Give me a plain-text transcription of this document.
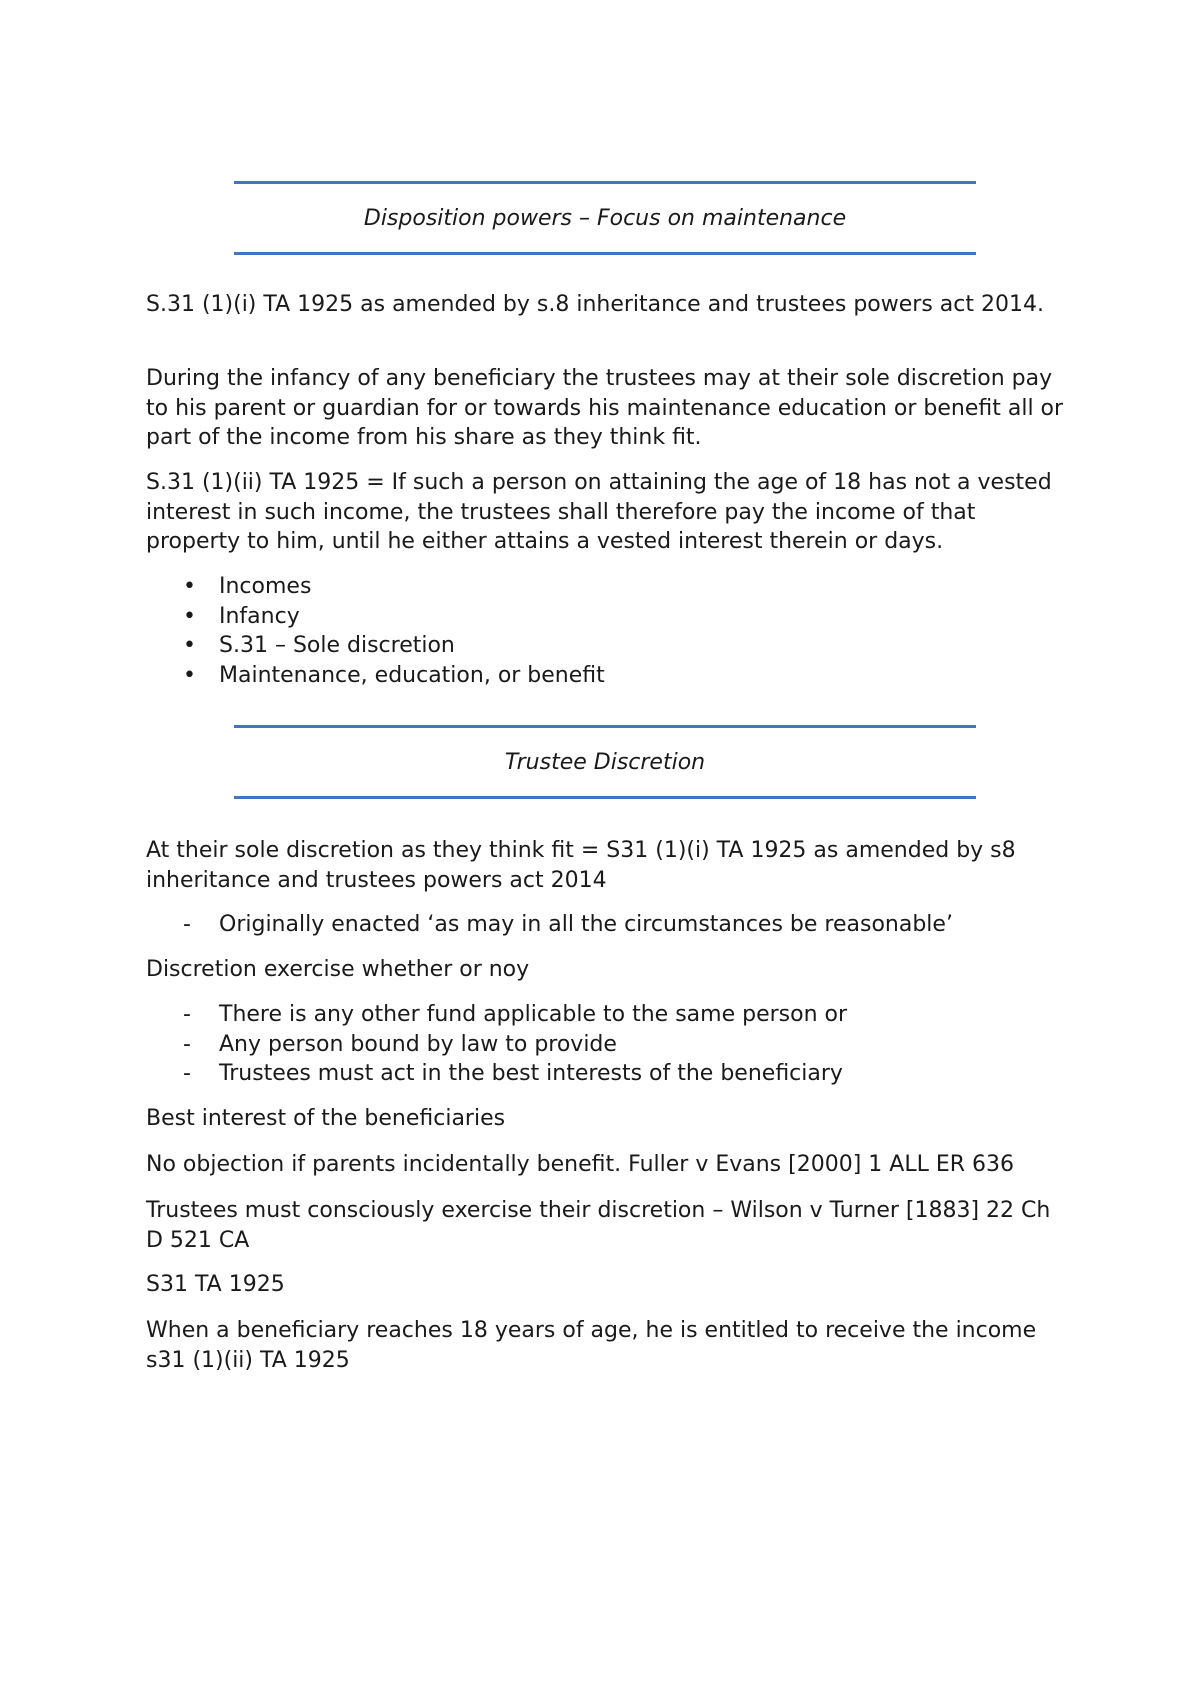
Disposition powers – Focus on maintenance

S.31 (1)(i) TA 1925 as amended by s.8 inheritance and trustees powers act 2014.

During the infancy of any beneficiary the trustees may at their sole discretion pay to his parent or guardian for or towards his maintenance education or benefit all or part of the income from his share as they think fit.

S.31 (1)(ii) TA 1925 = If such a person on attaining the age of 18 has not a vested interest in such income, the trustees shall therefore pay the income of that property to him, until he either attains a vested interest therein or days.

• Incomes
• Infancy
• S.31 – Sole discretion
• Maintenance, education, or benefit
Trustee Discretion

At their sole discretion as they think fit = S31 (1)(i) TA 1925 as amended by s8 inheritance and trustees powers act 2014

- Originally enacted ‘as may in all the circumstances be reasonable’

Discretion exercise whether or noy

- There is any other fund applicable to the same person or
- Any person bound by law to provide
- Trustees must act in the best interests of the beneficiary

Best interest of the beneficiaries

No objection if parents incidentally benefit. Fuller v Evans [2000] 1 ALL ER 636

Trustees must consciously exercise their discretion – Wilson v Turner [1883] 22 Ch D 521 CA

S31 TA 1925

When a beneficiary reaches 18 years of age, he is entitled to receive the income s31 (1)(ii) TA 1925
